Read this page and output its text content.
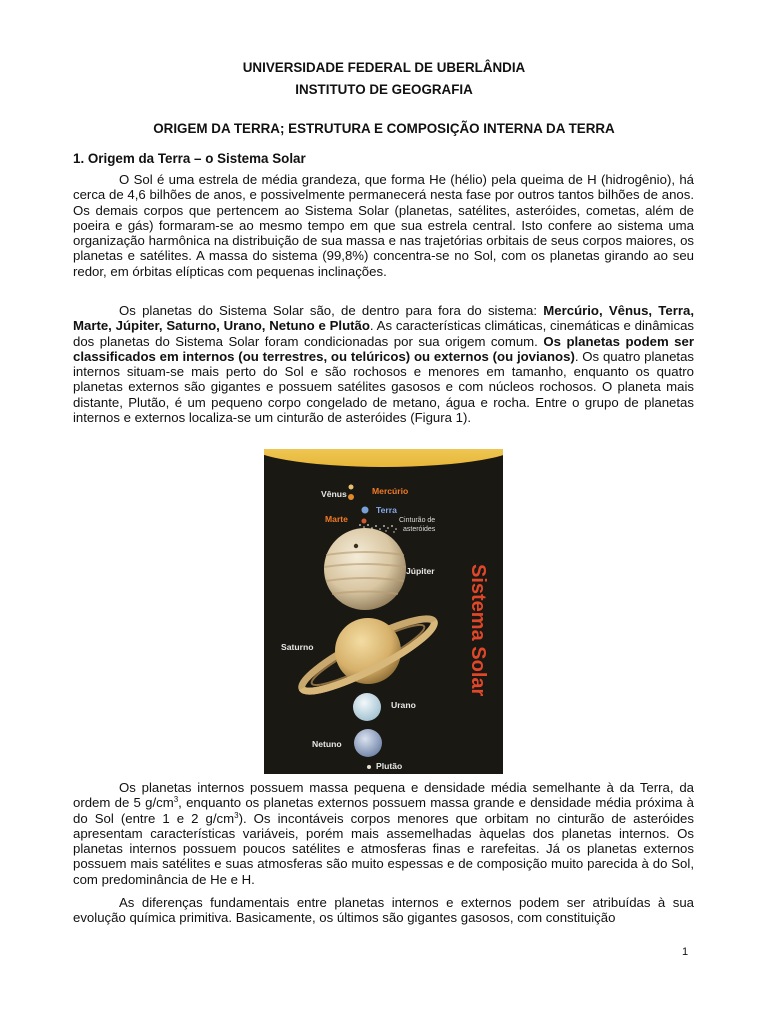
UNIVERSIDADE FEDERAL DE UBERLÂNDIA
INSTITUTO DE GEOGRAFIA
ORIGEM DA TERRA; ESTRUTURA E COMPOSIÇÃO INTERNA DA TERRA
1. Origem da Terra – o Sistema Solar

O Sol é uma estrela de média grandeza, que forma He (hélio) pela queima de H (hidrogênio), há cerca de 4,6 bilhões de anos, e possivelmente permanecerá nesta fase por outros tantos bilhões de anos. Os demais corpos que pertencem ao Sistema Solar (planetas, satélites, asteróides, cometas, além de poeira e gás) formaram-se ao mesmo tempo em que sua estrela central. Isto confere ao sistema uma organização harmônica na distribuição de sua massa e nas trajetórias orbitais de seus corpos maiores, os planetas e satélites. A massa do sistema (99,8%) concentra-se no Sol, com os planetas girando ao seu redor, em órbitas elípticas com pequenas inclinações.

Os planetas do Sistema Solar são, de dentro para fora do sistema: Mercúrio, Vênus, Terra, Marte, Júpiter, Saturno, Urano, Netuno e Plutão. As características climáticas, cinemáticas e dinâmicas dos planetas do Sistema Solar foram condicionadas por sua origem comum. Os planetas podem ser classificados em internos (ou terrestres, ou telúricos) ou externos (ou jovianos). Os quatro planetas internos situam-se mais perto do Sol e são rochosos e menores em tamanho, enquanto os quatro planetas externos são gigantes e possuem satélites gasosos e com núcleos rochosos. O planeta mais distante, Plutão, é um pequeno corpo congelado de metano, água e rocha. Entre o grupo de planetas internos e externos localiza-se um cinturão de asteróides (Figura 1).

Vênus	Mercúrio
Terra
Marte
Júpiter
Saturno
Urano
Netuno
Plutão
Cinturão de
asteróides
Sistema Solar

Os planetas internos possuem massa pequena e densidade média semelhante à da Terra, da ordem de 5 $g/cm^3$, enquanto os planetas externos possuem massa grande e densidade média próxima à do Sol (entre 1 e 2 $g/cm^3$). Os incontáveis corpos menores que orbitam no cinturão de asteróides apresentam características variáveis, porém mais assemelhadas àquelas dos planetas internos. Os planetas internos possuem poucos satélites e atmosferas finas e rarefeitas. Já os planetas externos possuem mais satélites e suas atmosferas são muito espessas e de composição muito parecida à do Sol, com predominância de He e H.

As diferenças fundamentais entre planetas internos e externos podem ser atribuídas à sua evolução química primitiva. Basicamente, os últimos são gigantes gasosos, com constituição

1
